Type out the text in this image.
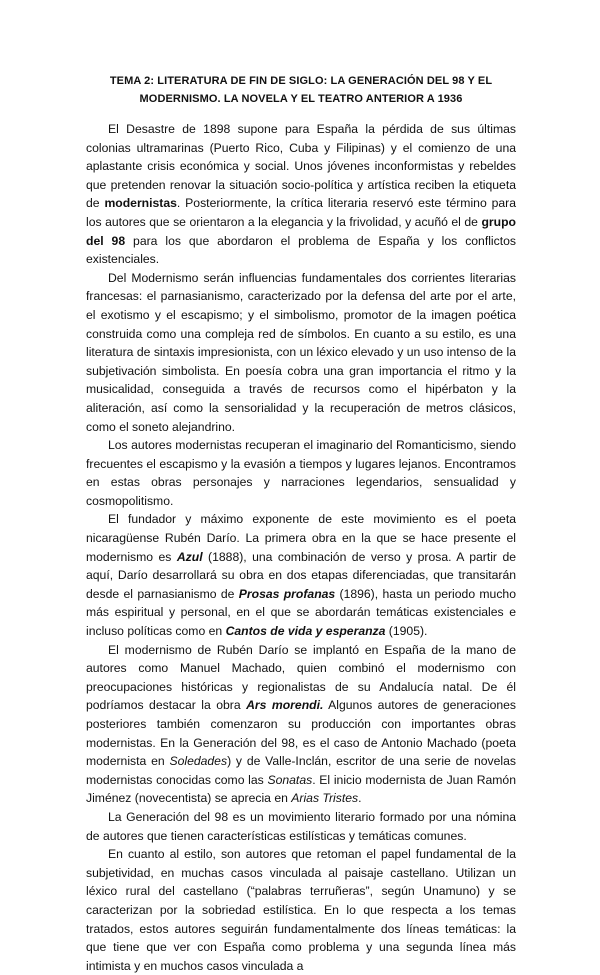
TEMA 2: LITERATURA DE FIN DE SIGLO: LA GENERACIÓN DEL 98 Y EL
MODERNISMO. LA NOVELA Y EL TEATRO ANTERIOR A 1936

El Desastre de 1898 supone para España la pérdida de sus últimas colonias ultramarinas (Puerto Rico, Cuba y Filipinas) y el comienzo de una aplastante crisis económica y social. Unos jóvenes inconformistas y rebeldes que pretenden renovar la situación socio-política y artística reciben la etiqueta de modernistas. Posteriormente, la crítica literaria reservó este término para los autores que se orientaron a la elegancia y la frivolidad, y acuñó el de grupo del 98 para los que abordaron el problema de España y los conflictos existenciales.

Del Modernismo serán influencias fundamentales dos corrientes literarias francesas: el parnasianismo, caracterizado por la defensa del arte por el arte, el exotismo y el escapismo; y el simbolismo, promotor de la imagen poética construida como una compleja red de símbolos. En cuanto a su estilo, es una literatura de sintaxis impresionista, con un léxico elevado y un uso intenso de la subjetivación simbolista. En poesía cobra una gran importancia el ritmo y la musicalidad, conseguida a través de recursos como el hipérbaton y la aliteración, así como la sensorialidad y la recuperación de metros clásicos, como el soneto alejandrino.

Los autores modernistas recuperan el imaginario del Romanticismo, siendo frecuentes el escapismo y la evasión a tiempos y lugares lejanos. Encontramos en estas obras personajes y narraciones legendarios, sensualidad y cosmopolitismo.

El fundador y máximo exponente de este movimiento es el poeta nicaragüense Rubén Darío. La primera obra en la que se hace presente el modernismo es Azul (1888), una combinación de verso y prosa. A partir de aquí, Darío desarrollará su obra en dos etapas diferenciadas, que transitarán desde el parnasianismo de Prosas profanas (1896), hasta un periodo mucho más espiritual y personal, en el que se abordarán temáticas existenciales e incluso políticas como en Cantos de vida y esperanza (1905).

El modernismo de Rubén Darío se implantó en España de la mano de autores como Manuel Machado, quien combinó el modernismo con preocupaciones históricas y regionalistas de su Andalucía natal. De él podríamos destacar la obra Ars morendi. Algunos autores de generaciones posteriores también comenzaron su producción con importantes obras modernistas. En la Generación del 98, es el caso de Antonio Machado (poeta modernista en Soledades) y de Valle-Inclán, escritor de una serie de novelas modernistas conocidas como las Sonatas. El inicio modernista de Juan Ramón Jiménez (novecentista) se aprecia en Arias Tristes.

La Generación del 98 es un movimiento literario formado por una nómina de autores que tienen características estilísticas y temáticas comunes.

En cuanto al estilo, son autores que retoman el papel fundamental de la subjetividad, en muchas casos vinculada al paisaje castellano. Utilizan un léxico rural del castellano (“palabras terruñeras”, según Unamuno) y se caracterizan por la sobriedad estilística. En lo que respecta a los temas tratados, estos autores seguirán fundamentalmente dos líneas temáticas: la que tiene que ver con España como problema y una segunda línea más intimista y en muchos casos vinculada a
